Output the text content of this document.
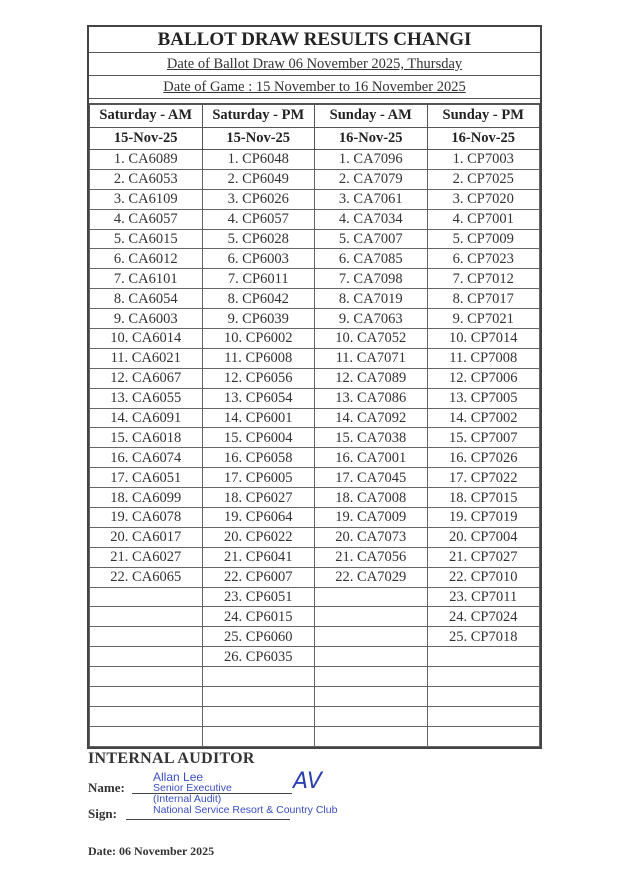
BALLOT DRAW RESULTS CHANGI
Date of Ballot Draw 06 November 2025, Thursday
Date of Game : 15 November to 16 November 2025
Saturday - AM	Saturday - PM	Sunday - AM	Sunday - PM
15-Nov-25	15-Nov-25	16-Nov-25	16-Nov-25
1. CA6089	1. CP6048	1. CA7096	1. CP7003
2. CA6053	2. CP6049	2. CA7079	2. CP7025
3. CA6109	3. CP6026	3. CA7061	3. CP7020
4. CA6057	4. CP6057	4. CA7034	4. CP7001
5. CA6015	5. CP6028	5. CA7007	5. CP7009
6. CA6012	6. CP6003	6. CA7085	6. CP7023
7. CA6101	7. CP6011	7. CA7098	7. CP7012
8. CA6054	8. CP6042	8. CA7019	8. CP7017
9. CA6003	9. CP6039	9. CA7063	9. CP7021
10. CA6014	10. CP6002	10. CA7052	10. CP7014
11. CA6021	11. CP6008	11. CA7071	11. CP7008
12. CA6067	12. CP6056	12. CA7089	12. CP7006
13. CA6055	13. CP6054	13. CA7086	13. CP7005
14. CA6091	14. CP6001	14. CA7092	14. CP7002
15. CA6018	15. CP6004	15. CA7038	15. CP7007
16. CA6074	16. CP6058	16. CA7001	16. CP7026
17. CA6051	17. CP6005	17. CA7045	17. CP7022
18. CA6099	18. CP6027	18. CA7008	18. CP7015
19. CA6078	19. CP6064	19. CA7009	19. CP7019
20. CA6017	20. CP6022	20. CA7073	20. CP7004
21. CA6027	21. CP6041	21. CA7056	21. CP7027
22. CA6065	22. CP6007	22. CA7029	22. CP7010
	23. CP6051		23. CP7011
	24. CP6015		24. CP7024
	25. CP6060		25. CP7018
	26. CP6035		

INTERNAL AUDITOR
Name:
Sign:
Allan Lee
Senior Executive
(Internal Audit)
National Service Resort & Country Club
AV
Date: 06 November 2025
